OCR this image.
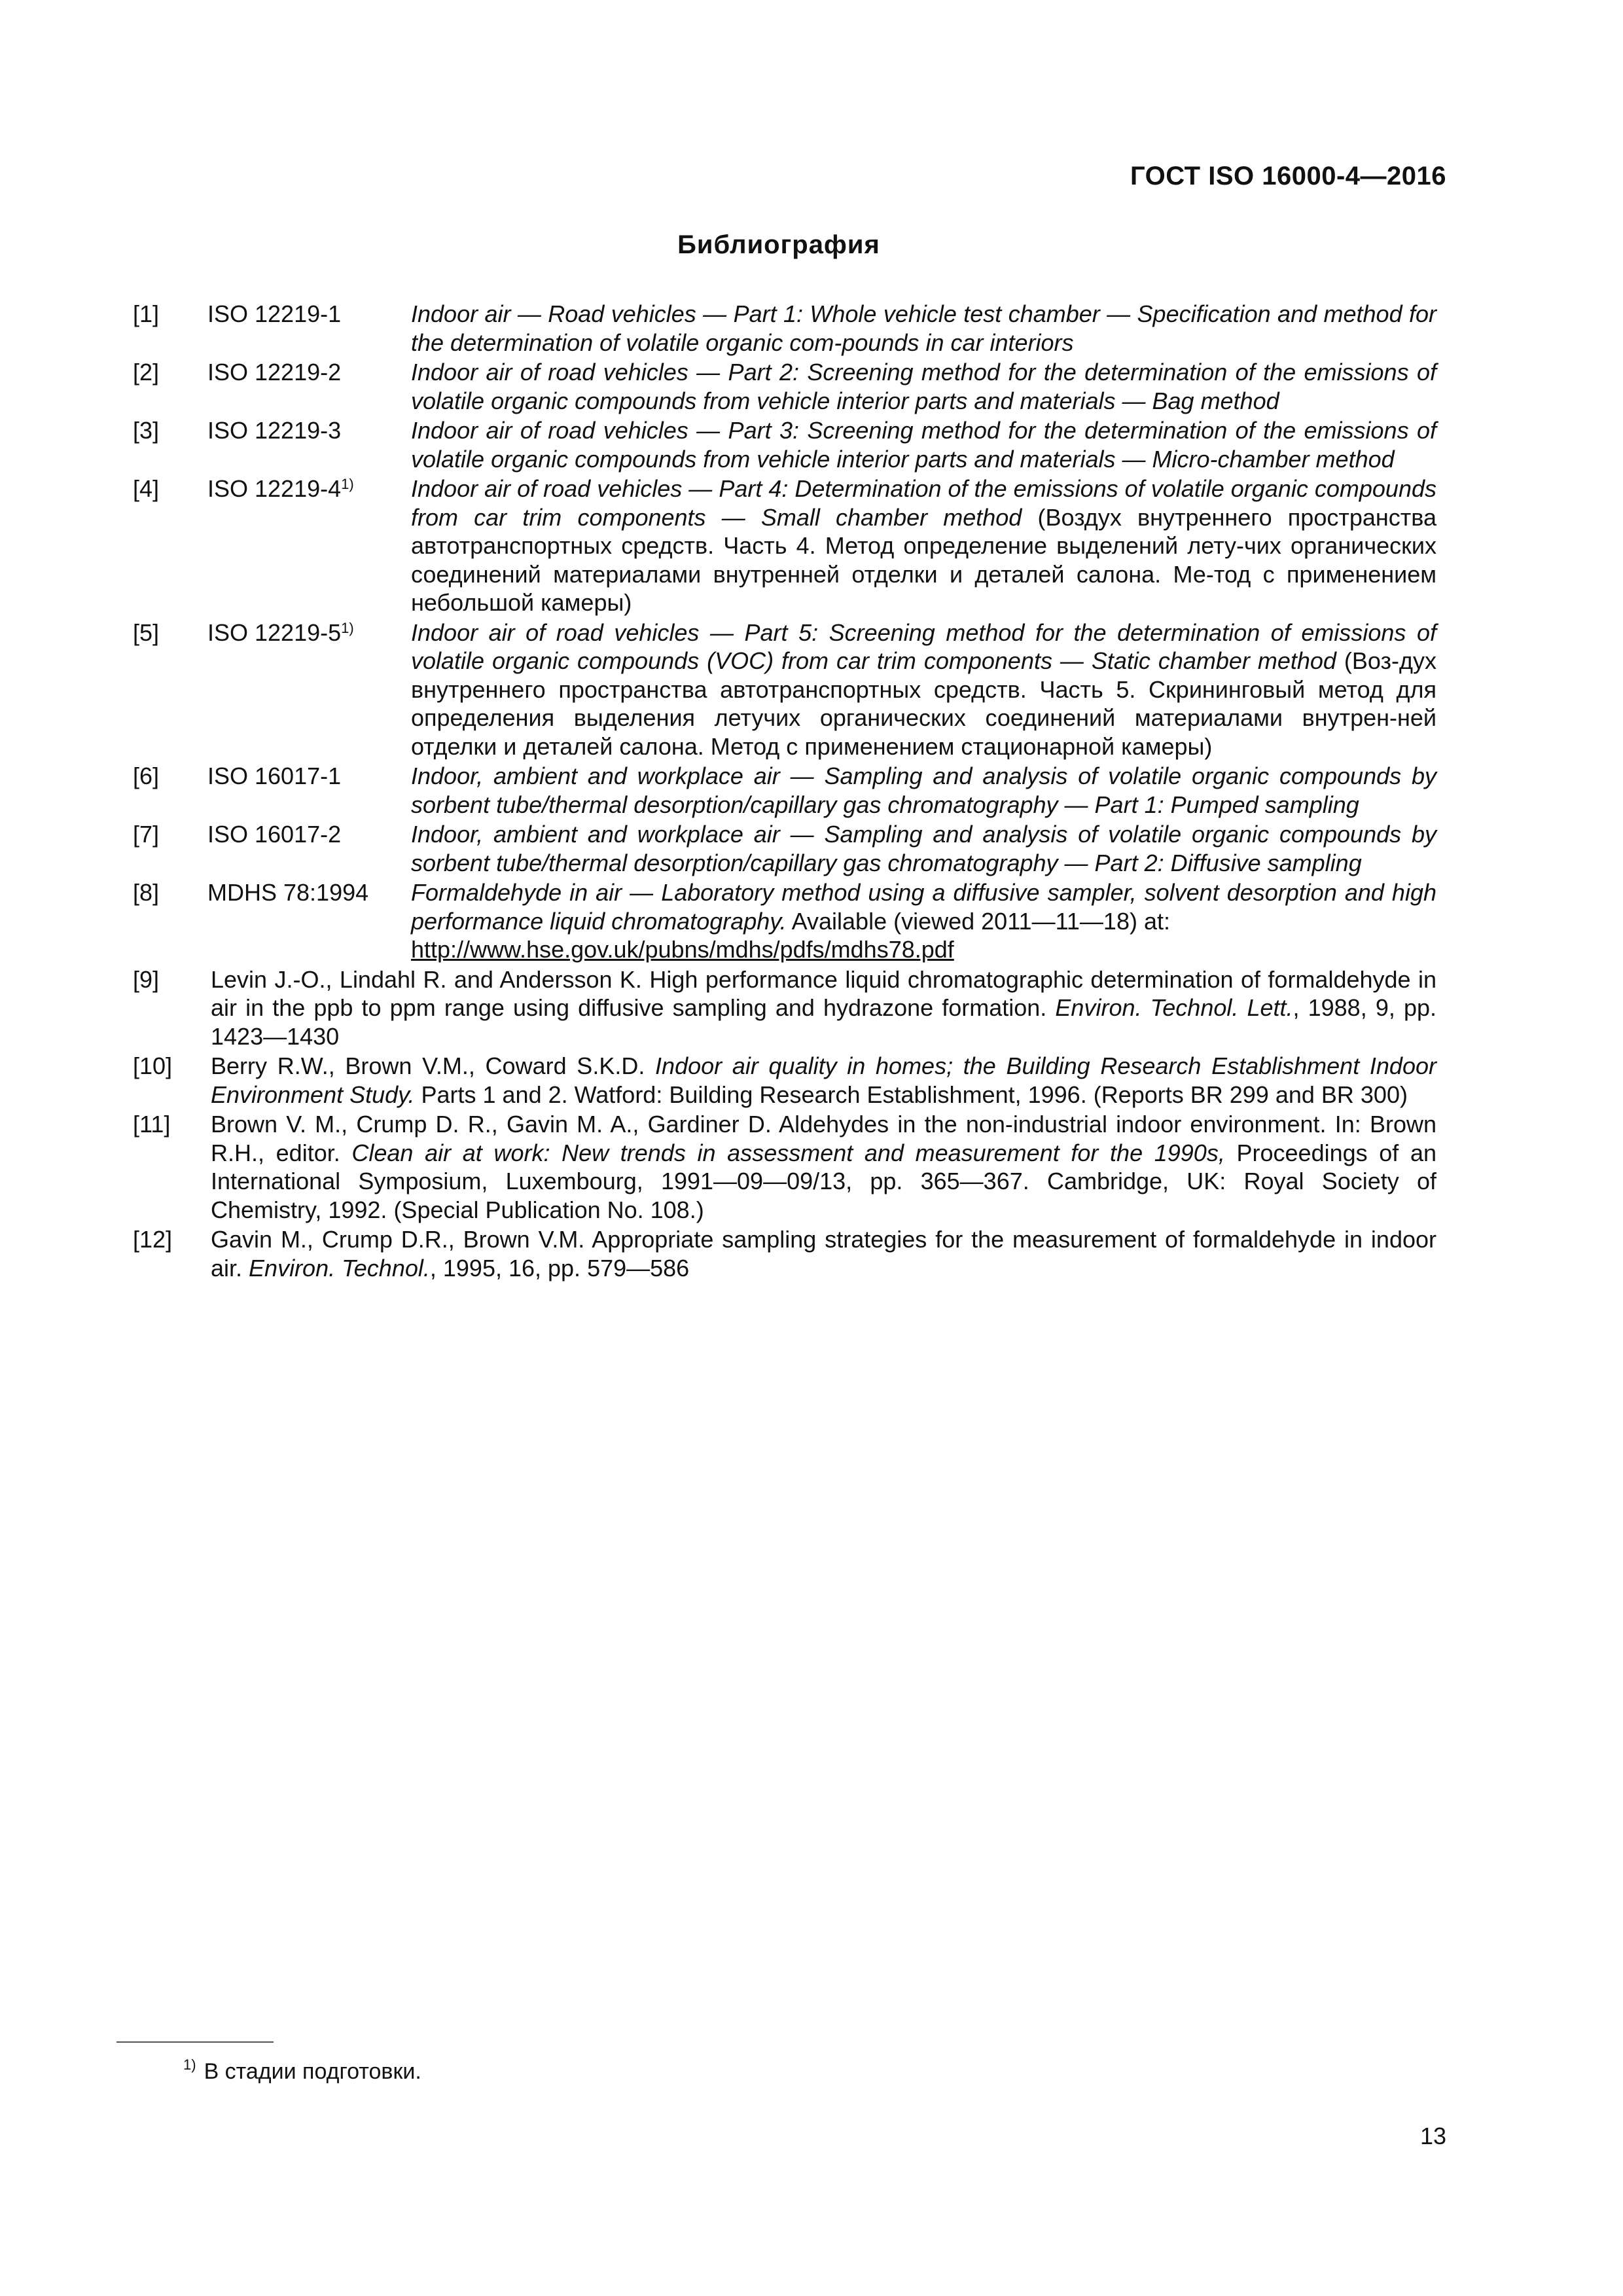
ГОСТ ISO 16000-4—2016
Библиография
[1] ISO 12219-1	Indoor air — Road vehicles — Part 1: Whole vehicle test chamber — Specification and method for the determination of volatile organic com-pounds in car interiors
[2] ISO 12219-2	Indoor air of road vehicles — Part 2: Screening method for the determination of the emissions of volatile organic compounds from vehicle interior parts and materials — Bag method
[3] ISO 12219-3	Indoor air of road vehicles — Part 3: Screening method for the determination of the emissions of volatile organic compounds from vehicle interior parts and materials — Micro-chamber method
[4] ISO 12219-4$^{1)}$ Indoor air of road vehicles — Part 4: Determination of the emissions of volatile organic compounds from car trim components — Small chamber method (Воздух внутреннего пространства автотранспортных средств. Часть 4. Метод определение выделений лету-чих органических соединений материалами внутренней отделки и деталей салона. Ме-тод с применением небольшой камеры)
[5] ISO 12219-5$^{1)}$ Indoor air of road vehicles — Part 5: Screening method for the determination of emissions of volatile organic compounds (VOC) from car trim components — Static chamber method (Воз-дух внутреннего пространства автотранспортных средств. Часть 5. Скрининговый метод для определения выделения летучих органических соединений материалами внутрен-ней отделки и деталей салона. Метод с применением стационарной камеры)
[6] ISO 16017-1	Indoor, ambient and workplace air — Sampling and analysis of volatile organic compounds by sorbent tube/thermal desorption/capillary gas chromatography — Part 1: Pumped sampling
[7] ISO 16017-2	Indoor, ambient and workplace air — Sampling and analysis of volatile organic compounds by sorbent tube/thermal desorption/capillary gas chromatography — Part 2: Diffusive sampling
[8] MDHS 78:1994 Formaldehyde in air — Laboratory method using a diffusive sampler, solvent desorption and high performance liquid chromatography. Available (viewed 2011—11—18) at:
http://www.hse.gov.uk/pubns/mdhs/pdfs/mdhs78.pdf
[9] Levin J.-O., Lindahl R. and Andersson K. High performance liquid chromatographic determination of formaldehyde in air in the ppb to ppm range using diffusive sampling and hydrazone formation. Environ. Technol. Lett., 1988, 9, pp. 1423—1430
[10] Berry R.W., Brown V.M., Coward S.K.D. Indoor air quality in homes; the Building Research Establishment Indoor Environment Study. Parts 1 and 2. Watford: Building Research Establishment, 1996. (Reports BR 299 and BR 300)
[11] Brown V. M., Crump D. R., Gavin M. A., Gardiner D. Aldehydes in the non-industrial indoor environment. In: Brown R.H., editor. Clean air at work: New trends in assessment and measurement for the 1990s, Proceedings of an International Symposium, Luxembourg, 1991—09—09/13, pp. 365—367. Cambridge, UK: Royal Society of Chemistry, 1992. (Special Publication No. 108.)
[12] Gavin M., Crump D.R., Brown V.M. Appropriate sampling strategies for the measurement of formaldehyde in indoor air. Environ. Technol., 1995, 16, pp. 579—586
$^{1)}$ В стадии подготовки.
13
